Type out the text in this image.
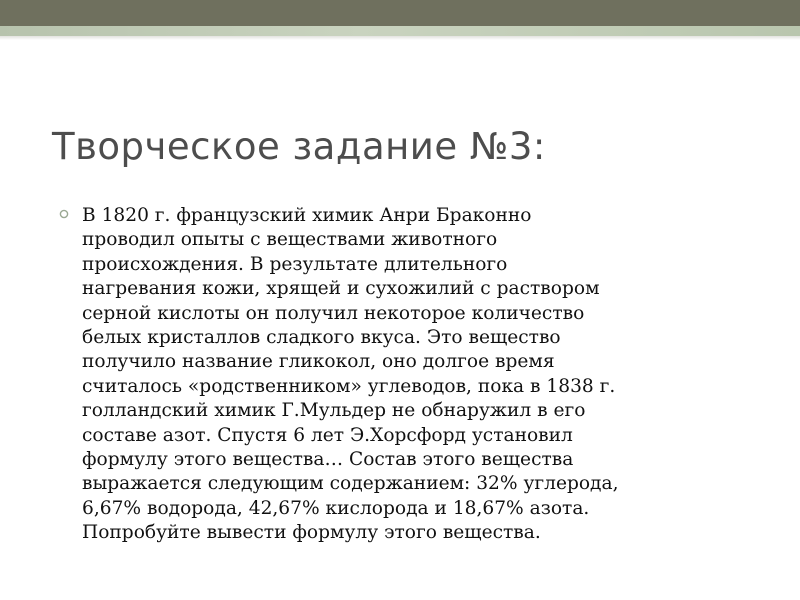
Творческое задание №3:
В 1820 г. французский химик Анри Браконно
проводил опыты с веществами животного
происхождения. В результате длительного
нагревания кожи, хрящей и сухожилий с раствором
серной кислоты он получил некоторое количество
белых кристаллов сладкого вкуса. Это вещество
получило название гликокол, оно долгое время
считалось «родственником» углеводов, пока в 1838 г.
голландский химик Г.Мульдер не обнаружил в его
составе азот. Спустя 6 лет Э.Хорсфорд установил
формулу этого вещества… Состав этого вещества
выражается следующим содержанием: 32% углерода,
6,67% водорода, 42,67% кислорода и 18,67% азота.
Попробуйте вывести формулу этого вещества.
